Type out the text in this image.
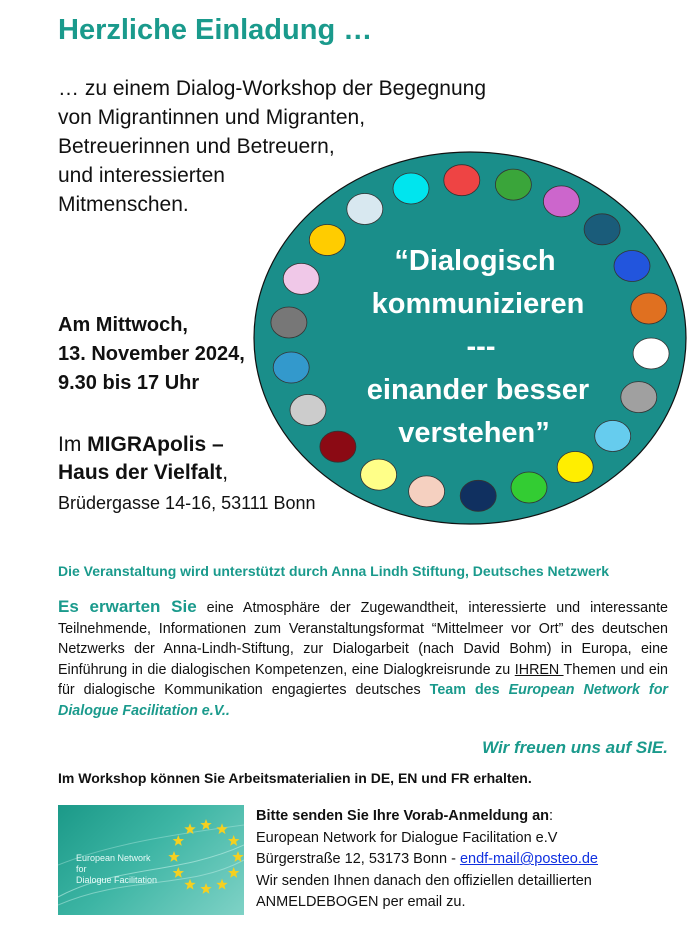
Herzliche Einladung …
… zu einem Dialog-Workshop der Begegnung
von Migrantinnen und Migranten,
Betreuerinnen und Betreuern,
und interessierten
Mitmenschen.
Am Mittwoch,
13. November 2024,
9.30 bis 17 Uhr
Im MIGRApolis –
Haus der Vielfalt,
Brüdergasse 14-16, 53111 Bonn
“Dialogisch
kommunizieren
---
einander besser
verstehen”
Die Veranstaltung wird unterstützt durch Anna Lindh Stiftung, Deutsches Netzwerk
Es erwarten Sie eine Atmosphäre der Zugewandtheit, interessierte und interessante Teilnehmende, Informationen zum Veranstaltungsformat “Mittelmeer vor Ort” des deutschen Netzwerks der Anna-Lindh-Stiftung, zur Dialogarbeit (nach David Bohm) in Europa, eine Einführung in die dialogischen Kompetenzen, eine Dialogkreisrunde zu IHREN Themen und ein für dialogische Kommunikation engagiertes deutsches Team des European Network for Dialogue Facilitation e.V..
Wir freuen uns auf SIE.
Im Workshop können Sie Arbeitsmaterialien in DE, EN und FR erhalten.
European Network
for
Dialogue Facilitation
Bitte senden Sie Ihre Vorab-Anmeldung an:
European Network for Dialogue Facilitation e.V
Bürgerstraße 12, 53173 Bonn - endf-mail@posteo.de
Wir senden Ihnen danach den offiziellen detaillierten
ANMELDEBOGEN per email zu.
